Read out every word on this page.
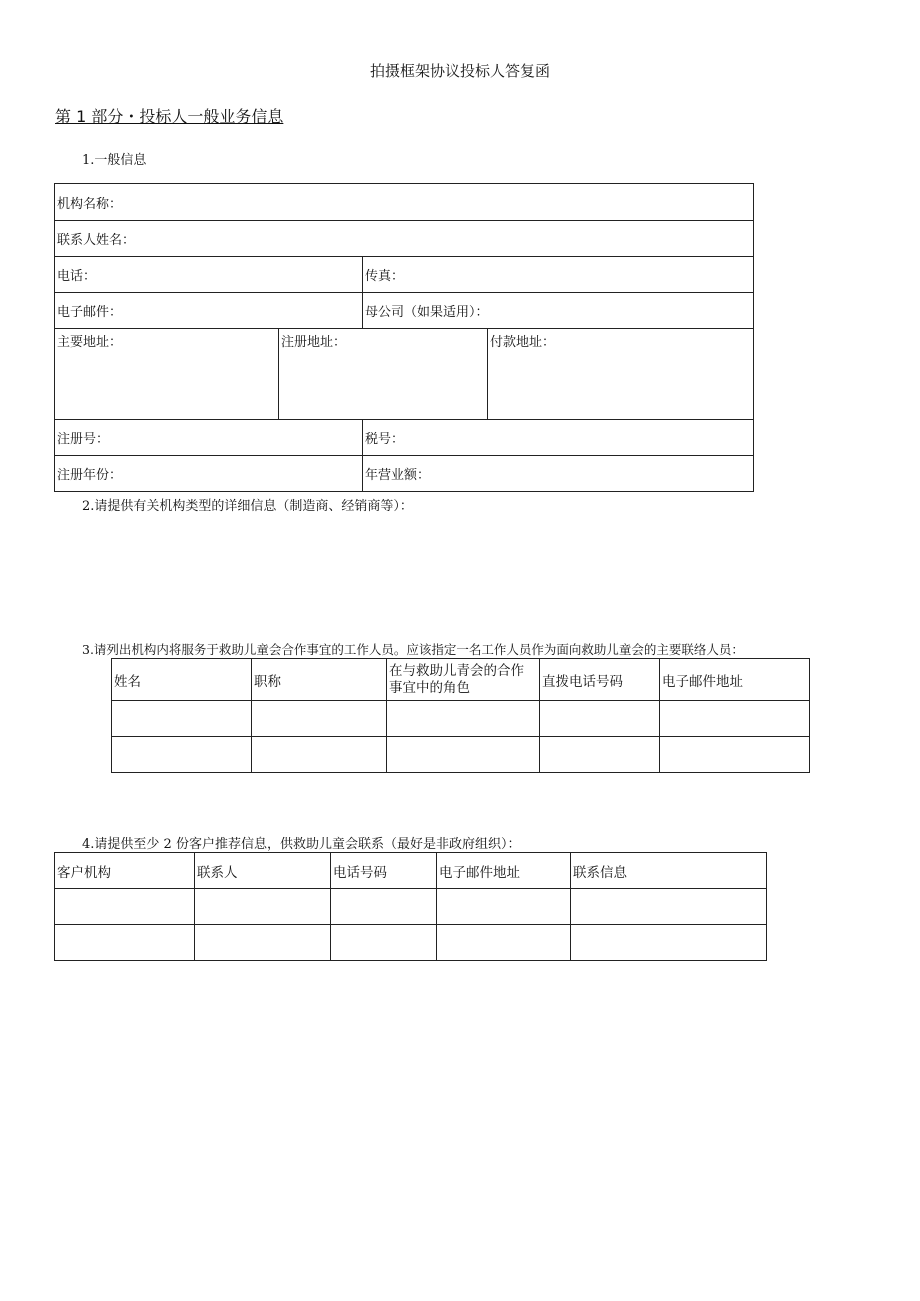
拍摄框架协议投标人答复函
第 1 部分・投标人一般业务信息
1.一般信息
机构名称：			
联系人姓名：			
电话：		传真：	
电子邮件：		母公司（如果适用）：	
主要地址：	注册地址：		付款地址：
注册号：		税号：	
注册年份：		年营业额：	
2.请提供有关机构类型的详细信息（制造商、经销商等）：
3.请列出机构内将服务于救助儿童会合作事宜的工作人员。应该指定一名工作人员作为面向救助儿童会的主要联络人员：
姓名	职称	在与救助儿青会的合作事宜中的角色	直拨电话号码	电子邮件地址

4.请提供至少 2 份客户推荐信息，供救助儿童会联系（最好是非政府组织）：
客户机构	联系人	电话号码	电子邮件地址	联系信息
